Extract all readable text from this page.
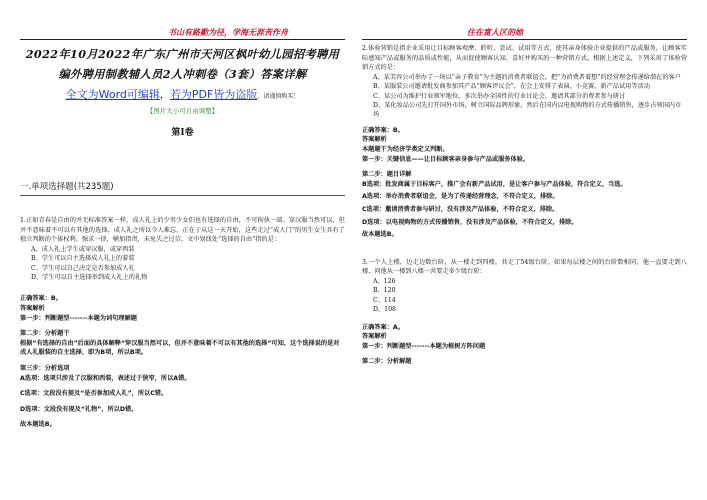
书山有路勤为径，学海无涯苦作舟	住在富人区的她
2022年10月2022年广东广州市天河区枫叶幼儿园招考聘用编外聘用制教辅人员2人冲刺卷（3套）答案详解
全文为Word可编辑，若为PDF皆为盗版，请谨慎购买！
【图片大小可自由调整】
第I卷
一.单项选择题(共235题)
1.正如青春是自由的并无标准答案一样，成人礼上的少男少女们也有选择的自由，不可拘执一端。穿汉服当然可以，但并不意味着不可以有其他的选择，成人礼之所以令人难忘，正在于从这一天开始，这些走过“成人门”的男生女生具有了独立判断的个体权利。强求一律，横加指责，未免失之过苛。文中划线处“选择的自由”指的是：
A、成人礼上学生或穿汉服，或穿西装
B、学生可以自主选择成人礼上的着装
C、学生可以自己决定是否参加成人礼
D、学生可以自主选择举到成人礼上的礼物
正确答案：B。
答案解析
第一步：判断题型-------本题为词句理解题
第二步：分析题干
根据“有选择的自由”后面的具体解释“穿汉服当然可以，但并不意味着不可以有其他的选择”可知，这个选择说的是对成人礼服装的自主选择，即为B项，所以B项。
第三步：分析选项
A选项：选项只涉及了汉服和西装，表述过于狭窄，所以A错。
C选项：文段没有提及“是否参加成人礼”，所以C错。
D选项：文段没有提及“礼物”，所以D错。
故本题选B。
2.体验营销是指企业采用让目标顾客观摩、聆听、尝试、试用等方式，使其亲身体验企业提供的产品或服务，让顾客实际感知产品或服务的品质或性能，从而促使顾客认知、喜好并购买的一种营销方式。根据上述定义，下列采用了体验营销方式的是：
A、某美容公司举办了一场以“亲子教育”为主题的消费者联谊会，把“为消费者着想”的经营理念传递给潜在的客户
B、某服装公司邀请批发商参加其产品“顾客评议会”，在会上安排了表演、小竞赛、新产品试用等活动
C、某公司为维护行业领军地位，多次举办全国性的行业讨论会，邀请其部分消费者参与研讨
D、某化妆品公司先打开国外市场，树立国际品牌形象，然后在国内以电视购物的方式传播销售，逐步占领国内市场
正确答案：B。
答案解析
本题题干为经济学类定义判断。
第一步：关键信息——让目标顾客亲身参与产品或服务体验。
第二步：题目详解
B选项：批发商属于目标客户，推广会有新产品试用，是让客户参与产品体验，符合定义，当选。
A选项：举办消费者联谊会，是为了传递经营理念，不符合定义，排除。
C选项：邀请消费者参与研讨，没有涉及产品体验，不符合定义，排除。
D选项：以电视购物的方式传播销售，没有涉及产品体验，不符合定义，排除。
故本题选B。
3.一个人上楼，边走边数台阶，从一楼走到四楼，共走了54级台阶。如果每层楼之间的台阶数相同，他一直要走到八楼，问他从一楼到八楼一共要走多少级台阶：
A、126
B、120
C、114
D、108
正确答案：A。
答案解析
第一步：判断题型-------本题为植树方阵问题
第二步：分析解题
